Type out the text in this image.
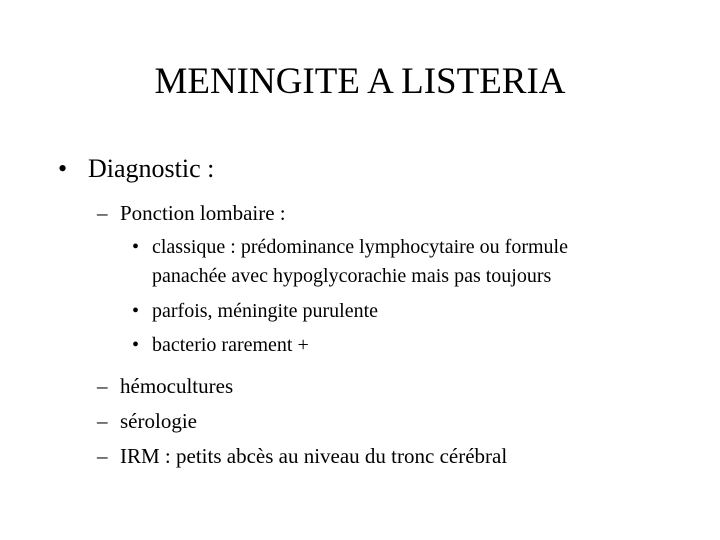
MENINGITE A LISTERIA
• Diagnostic :
– Ponction lombaire :
• classique : prédominance lymphocytaire ou formule
panachée avec hypoglycorachie mais pas toujours
• parfois, méningite purulente
• bacterio rarement +
– hémocultures
– sérologie
– IRM : petits abcès au niveau du tronc cérébral
